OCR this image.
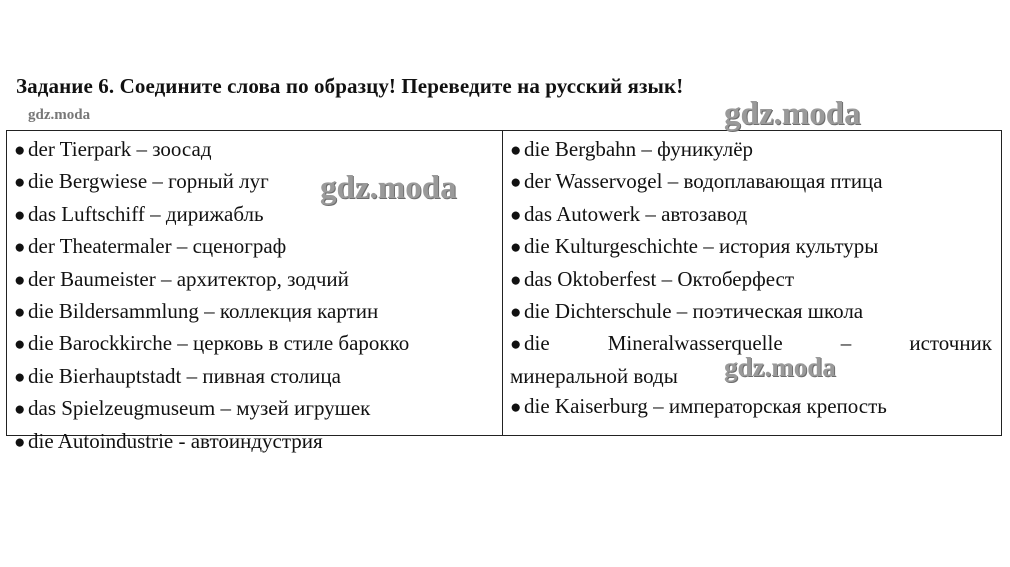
Задание 6. Соедините слова по образцу! Переведите на русский язык!
gdz.moda
● der Tierpark – зоосад
● die Bergwiese – горный луг
● das Luftschiff – дирижабль
● der Theatermaler – сценограф
● der Baumeister – архитектор, зодчий
● die Bildersammlung – коллекция картин
● die Barockkirche – церковь в стиле барокко
● die Bierhauptstadt – пивная столица
● das Spielzeugmuseum – музей игрушек
● die Autoindustrie - автоиндустрия
● die Bergbahn – фуникулёр
● der Wasservogel – водоплавающая птица
● das Autowerk – автозавод
● die Kulturgeschichte – история культуры
● das Oktoberfest – Октоберфест
● die Dichterschule – поэтическая школа
● die Mineralwasserquelle – источник
минеральной воды
● die Kaiserburg – императорская крепость
gdz.moda
gdz.moda
gdz.moda
